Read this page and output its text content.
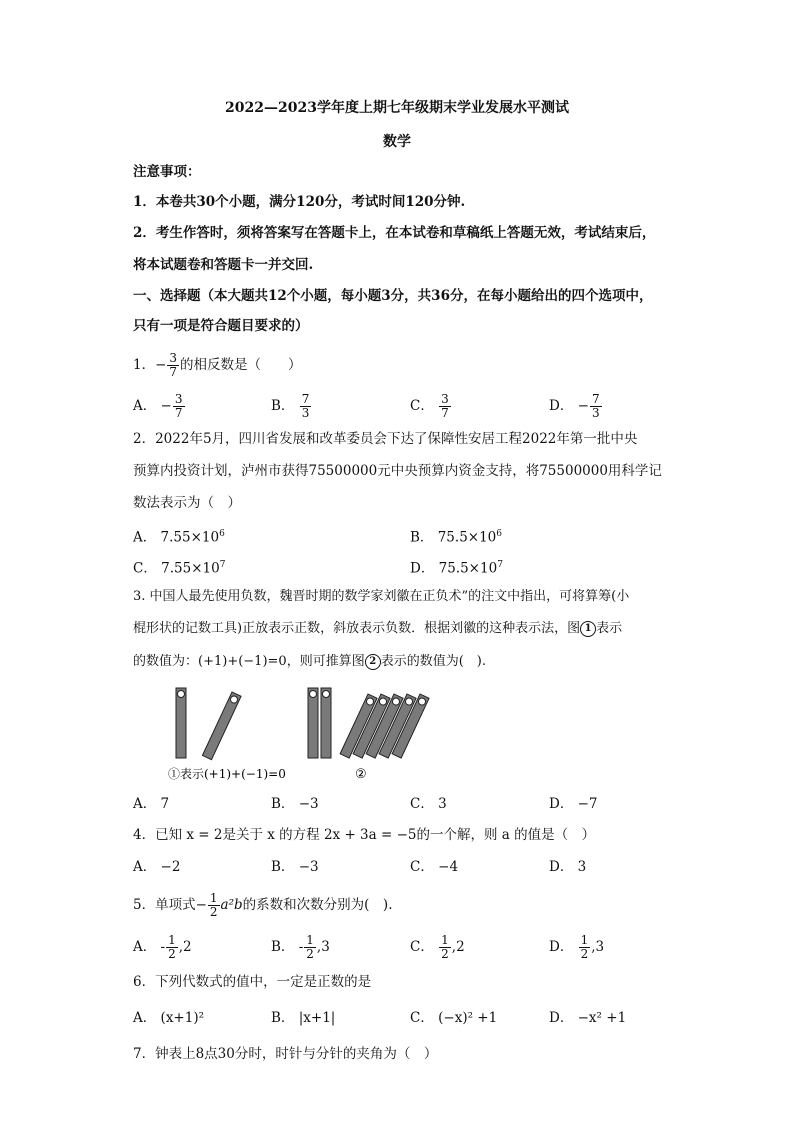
2022—2023学年度上期七年级期末学业发展水平测试
数学
注意事项：
1．本卷共30个小题，满分120分，考试时间120分钟.
2．考生作答时，须将答案写在答题卡上，在本试卷和草稿纸上答题无效，考试结束后，
将本试题卷和答题卡一并交回.
一、选择题（本大题共12个小题，每小题3分，共36分，在每小题给出的四个选项中，
只有一项是符合题目要求的）
1．− $\frac{3}{7}$ 的相反数是（　　）
A． − $\frac{3}{7}$	B． $\frac{7}{3}$	C． $\frac{3}{7}$	D． − $\frac{7}{3}$
2．2022年5月，四川省发展和改革委员会下达了保障性安居工程2022年第一批中央
预算内投资计划，泸州市获得75500000元中央预算内资金支持，将75500000用科学记
数法表示为（　）
A． $7.55\times 10^6$	B． $75.5\times 10^6$
C． $7.55\times 10^7$	D． $75.5\times 10^7$
3. 中国人最先使用负数，魏晋时期的数学家刘徽在正负术”的注文中指出，可将算筹(小
棍形状的记数工具)正放表示正数，斜放表示负数．根据刘徽的这种表示法，图 1 表示
的数值为：(+1)+(−1)=0，则可推算图 2 表示的数值为(　).
①表示(+1)+(−1)=0	②
A． 7	B． −3	C． 3	D． −7
4．已知 x = 2是关于 x 的方程 2x + 3a = −5的一个解，则 a 的值是（　）
A． −2	B． −3	C． −4	D． 3
5．单项式− $\frac{1}{2} a^2b$的系数和次数分别为(　).
A． - $\frac{1}{2} ,2$	B． - $\frac{1}{2} ,3$	C． $\frac{1}{2} ,2$	D． $\frac{1}{2} ,3$
6．下列代数式的值中，一定是正数的是
A． (x+1)²	B． |x+1|	C． (−x)² +1	D． −x² +1
7．钟表上8点30分时，时针与分针的夹角为（　）
